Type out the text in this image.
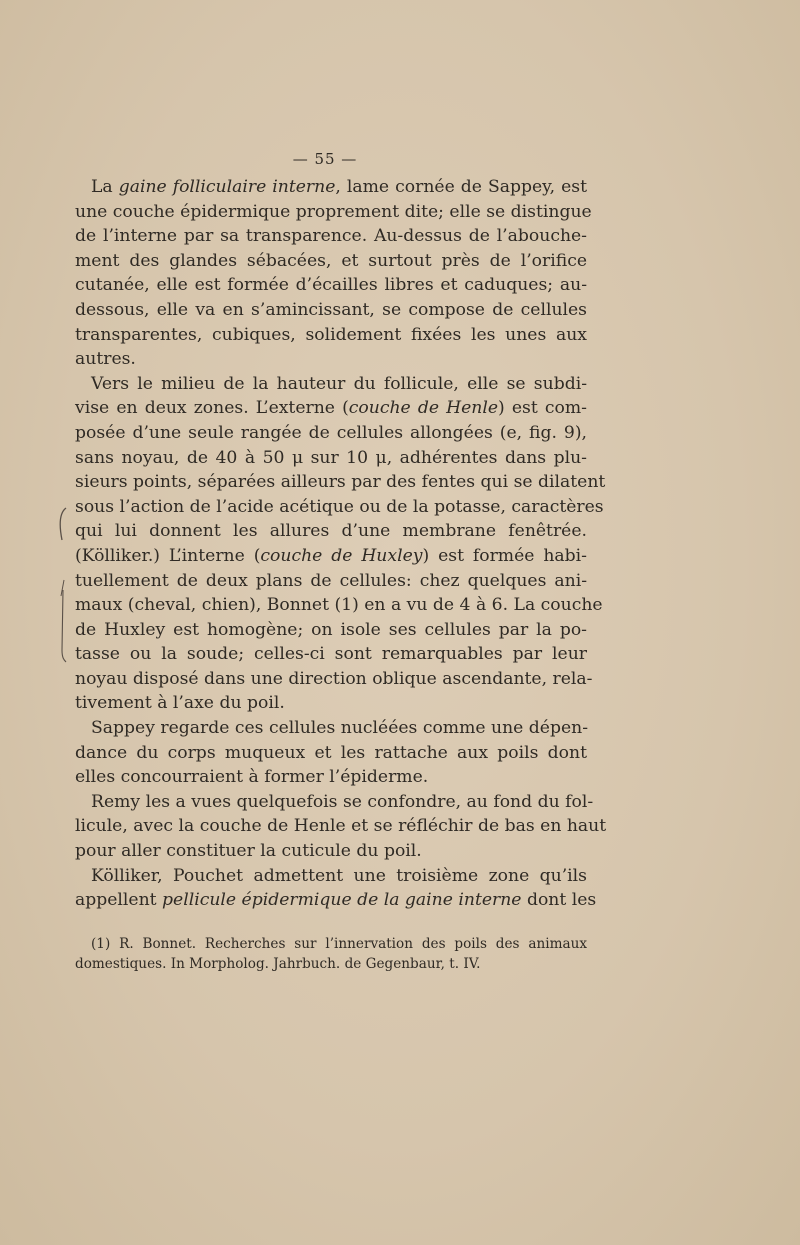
— 55 —
La gaine folliculaire interne, lame cornée de Sappey, est
une couche épidermique proprement dite; elle se distingue
de l’interne par sa transparence. Au-dessus de l’abouche-
ment des glandes sébacées, et surtout près de l’orifice
cutanée, elle est formée d’écailles libres et caduques; au-
dessous, elle va en s’amincissant, se compose de cellules
transparentes, cubiques, solidement fixées les unes aux
autres.
Vers le milieu de la hauteur du follicule, elle se subdi-
vise en deux zones. L’externe (couche de Henle) est com-
posée d’une seule rangée de cellules allongées (e, fig. 9),
sans noyau, de 40 à 50 μ sur 10 μ, adhérentes dans plu-
sieurs points, séparées ailleurs par des fentes qui se dilatent
sous l’action de l’acide acétique ou de la potasse, caractères
qui lui donnent les allures d’une membrane fenêtrée.
(Kölliker.) L’interne (couche de Huxley) est formée habi-
tuellement de deux plans de cellules: chez quelques ani-
maux (cheval, chien), Bonnet (1) en a vu de 4 à 6. La couche
de Huxley est homogène; on isole ses cellules par la po-
tasse ou la soude; celles-ci sont remarquables par leur
noyau disposé dans une direction oblique ascendante, rela-
tivement à l’axe du poil.
Sappey regarde ces cellules nucléées comme une dépen-
dance du corps muqueux et les rattache aux poils dont
elles concourraient à former l’épiderme.
Remy les a vues quelquefois se confondre, au fond du fol-
licule, avec la couche de Henle et se réfléchir de bas en haut
pour aller constituer la cuticule du poil.
Kölliker, Pouchet admettent une troisième zone qu’ils
appellent pellicule épidermique de la gaine interne dont les
(1) R. Bonnet. Recherches sur l’innervation des poils des animaux
domestiques. In Morpholog. Jahrbuch. de Gegenbaur, t. IV.
